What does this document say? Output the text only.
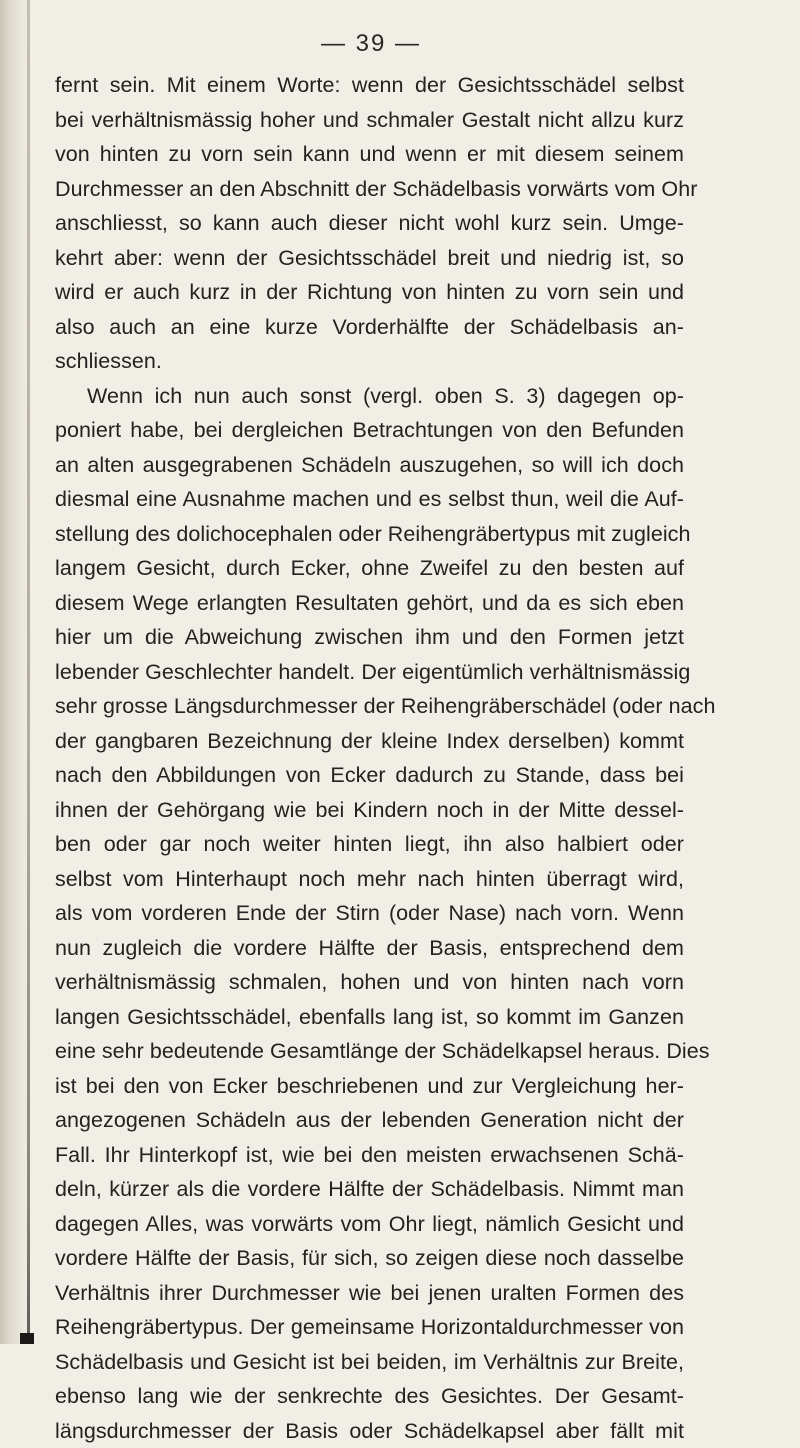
— 39 —
fernt sein. Mit einem Worte: wenn der Gesichtsschädel selbst
bei verhältnismässig hoher und schmaler Gestalt nicht allzu kurz
von hinten zu vorn sein kann und wenn er mit diesem seinem
Durchmesser an den Abschnitt der Schädelbasis vorwärts vom Ohr
anschliesst, so kann auch dieser nicht wohl kurz sein. Umge-
kehrt aber: wenn der Gesichtsschädel breit und niedrig ist, so
wird er auch kurz in der Richtung von hinten zu vorn sein und
also auch an eine kurze Vorderhälfte der Schädelbasis an-
schliessen.
Wenn ich nun auch sonst (vergl. oben S. 3) dagegen op-
poniert habe, bei dergleichen Betrachtungen von den Befunden
an alten ausgegrabenen Schädeln auszugehen, so will ich doch
diesmal eine Ausnahme machen und es selbst thun, weil die Auf-
stellung des dolichocephalen oder Reihengräbertypus mit zugleich
langem Gesicht, durch Ecker, ohne Zweifel zu den besten auf
diesem Wege erlangten Resultaten gehört, und da es sich eben
hier um die Abweichung zwischen ihm und den Formen jetzt
lebender Geschlechter handelt. Der eigentümlich verhältnismässig
sehr grosse Längsdurchmesser der Reihengräberschädel (oder nach
der gangbaren Bezeichnung der kleine Index derselben) kommt
nach den Abbildungen von Ecker dadurch zu Stande, dass bei
ihnen der Gehörgang wie bei Kindern noch in der Mitte dessel-
ben oder gar noch weiter hinten liegt, ihn also halbiert oder
selbst vom Hinterhaupt noch mehr nach hinten überragt wird,
als vom vorderen Ende der Stirn (oder Nase) nach vorn. Wenn
nun zugleich die vordere Hälfte der Basis, entsprechend dem
verhältnismässig schmalen, hohen und von hinten nach vorn
langen Gesichtsschädel, ebenfalls lang ist, so kommt im Ganzen
eine sehr bedeutende Gesamtlänge der Schädelkapsel heraus. Dies
ist bei den von Ecker beschriebenen und zur Vergleichung her-
angezogenen Schädeln aus der lebenden Generation nicht der
Fall. Ihr Hinterkopf ist, wie bei den meisten erwachsenen Schä-
deln, kürzer als die vordere Hälfte der Schädelbasis. Nimmt man
dagegen Alles, was vorwärts vom Ohr liegt, nämlich Gesicht und
vordere Hälfte der Basis, für sich, so zeigen diese noch dasselbe
Verhältnis ihrer Durchmesser wie bei jenen uralten Formen des
Reihengräbertypus. Der gemeinsame Horizontaldurchmesser von
Schädelbasis und Gesicht ist bei beiden, im Verhältnis zur Breite,
ebenso lang wie der senkrechte des Gesichtes. Der Gesamt-
längsdurchmesser der Basis oder Schädelkapsel aber fällt mit
